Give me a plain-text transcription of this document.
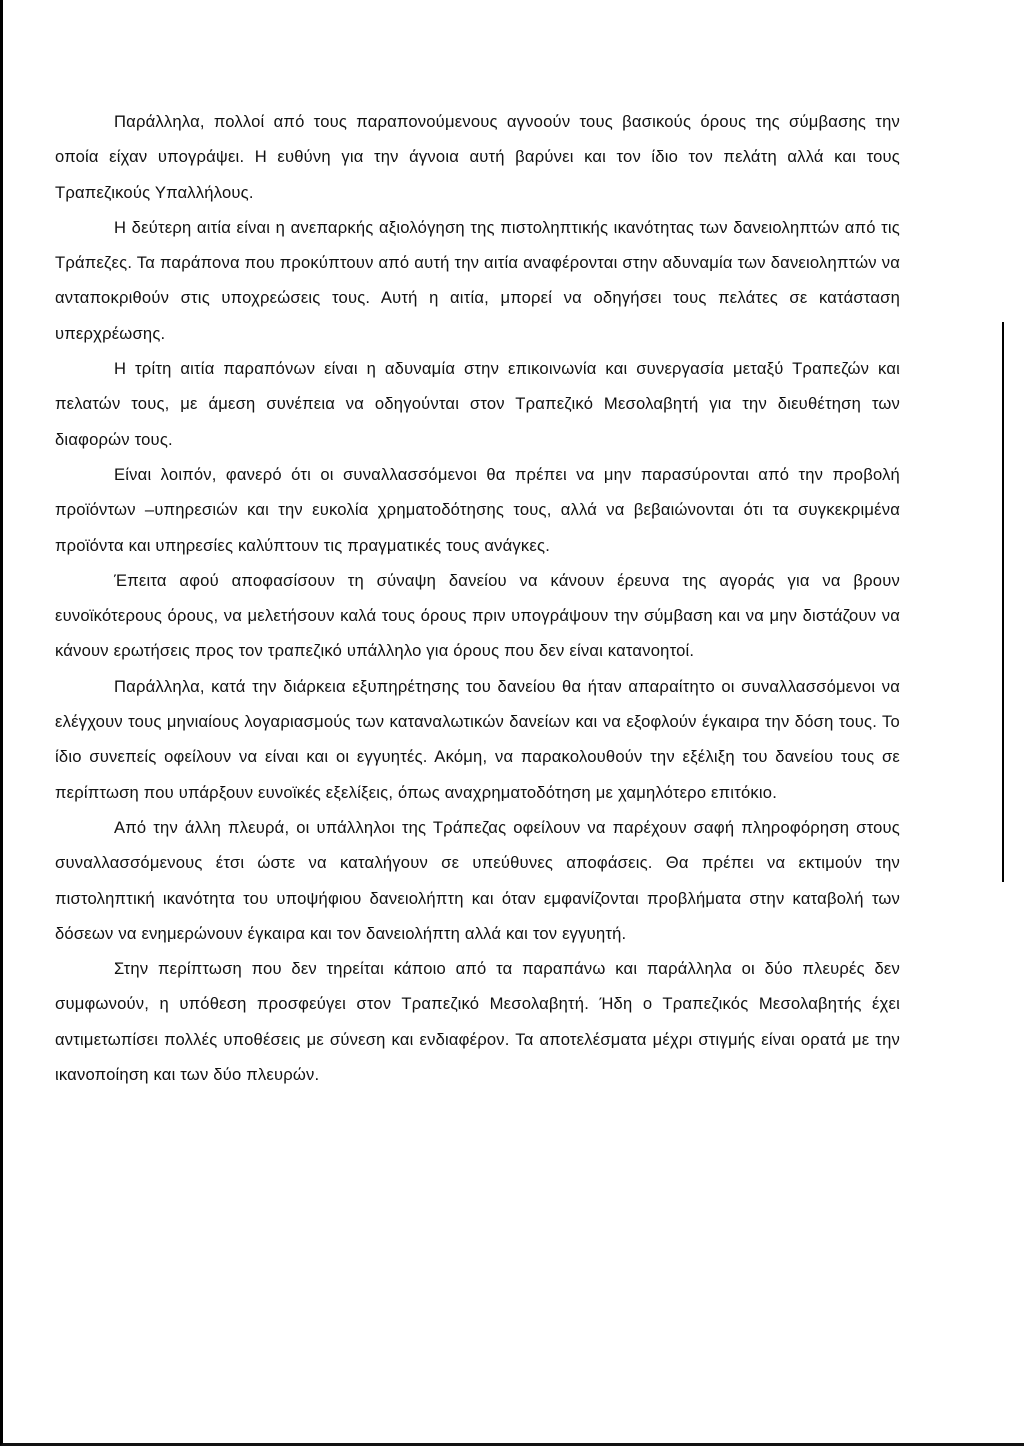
Παράλληλα, πολλοί από τους παραπονούμενους αγνοούν τους βασικούς όρους της σύμβασης την οποία είχαν υπογράψει. Η ευθύνη για την άγνοια αυτή βαρύνει και τον ίδιο τον πελάτη αλλά και τους Τραπεζικούς Υπαλλήλους.

Η δεύτερη αιτία είναι η ανεπαρκής αξιολόγηση της πιστοληπτικής ικανότητας των δανειοληπτών από τις Τράπεζες. Τα παράπονα που προκύπτουν από αυτή την αιτία αναφέρονται στην αδυναμία των δανειοληπτών να ανταποκριθούν στις υποχρεώσεις τους. Αυτή η αιτία, μπορεί να οδηγήσει τους πελάτες σε κατάσταση υπερχρέωσης.

Η τρίτη αιτία παραπόνων είναι η αδυναμία στην επικοινωνία και συνεργασία μεταξύ Τραπεζών και πελατών τους, με άμεση συνέπεια να οδηγούνται στον Τραπεζικό Μεσολαβητή για την διευθέτηση των διαφορών τους.

Είναι λοιπόν, φανερό ότι οι συναλλασσόμενοι θα πρέπει να μην παρασύρονται από την προβολή προϊόντων –υπηρεσιών και την ευκολία χρηματοδότησης τους, αλλά να βεβαιώνονται ότι τα συγκεκριμένα προϊόντα και υπηρεσίες καλύπτουν τις πραγματικές τους ανάγκες.

Έπειτα αφού αποφασίσουν τη σύναψη δανείου να κάνουν έρευνα της αγοράς για να βρουν ευνοϊκότερους όρους, να μελετήσουν καλά τους όρους πριν υπογράψουν την σύμβαση και να μην διστάζουν να κάνουν ερωτήσεις προς τον τραπεζικό υπάλληλο για όρους που δεν είναι κατανοητοί.

Παράλληλα, κατά την διάρκεια εξυπηρέτησης του δανείου θα ήταν απαραίτητο οι συναλλασσόμενοι να ελέγχουν τους μηνιαίους λογαριασμούς των καταναλωτικών δανείων και να εξοφλούν έγκαιρα την δόση τους. Το ίδιο συνεπείς οφείλουν να είναι και οι εγγυητές. Ακόμη, να παρακολουθούν την εξέλιξη του δανείου τους σε περίπτωση που υπάρξουν ευνοϊκές εξελίξεις, όπως αναχρηματοδότηση με χαμηλότερο επιτόκιο.

Από την άλλη πλευρά, οι υπάλληλοι της Τράπεζας οφείλουν να παρέχουν σαφή πληροφόρηση στους συναλλασσόμενους έτσι ώστε να καταλήγουν σε υπεύθυνες αποφάσεις. Θα πρέπει να εκτιμούν την πιστοληπτική ικανότητα του υποψήφιου δανειολήπτη και όταν εμφανίζονται προβλήματα στην καταβολή των δόσεων να ενημερώνουν έγκαιρα και τον δανειολήπτη αλλά και τον εγγυητή.

Στην περίπτωση που δεν τηρείται κάποιο από τα παραπάνω και παράλληλα οι δύο πλευρές δεν συμφωνούν, η υπόθεση προσφεύγει στον Τραπεζικό Μεσολαβητή. Ήδη ο Τραπεζικός Μεσολαβητής έχει αντιμετωπίσει πολλές υποθέσεις με σύνεση και ενδιαφέρον. Τα αποτελέσματα μέχρι στιγμής είναι ορατά με την ικανοποίηση και των δύο πλευρών.
